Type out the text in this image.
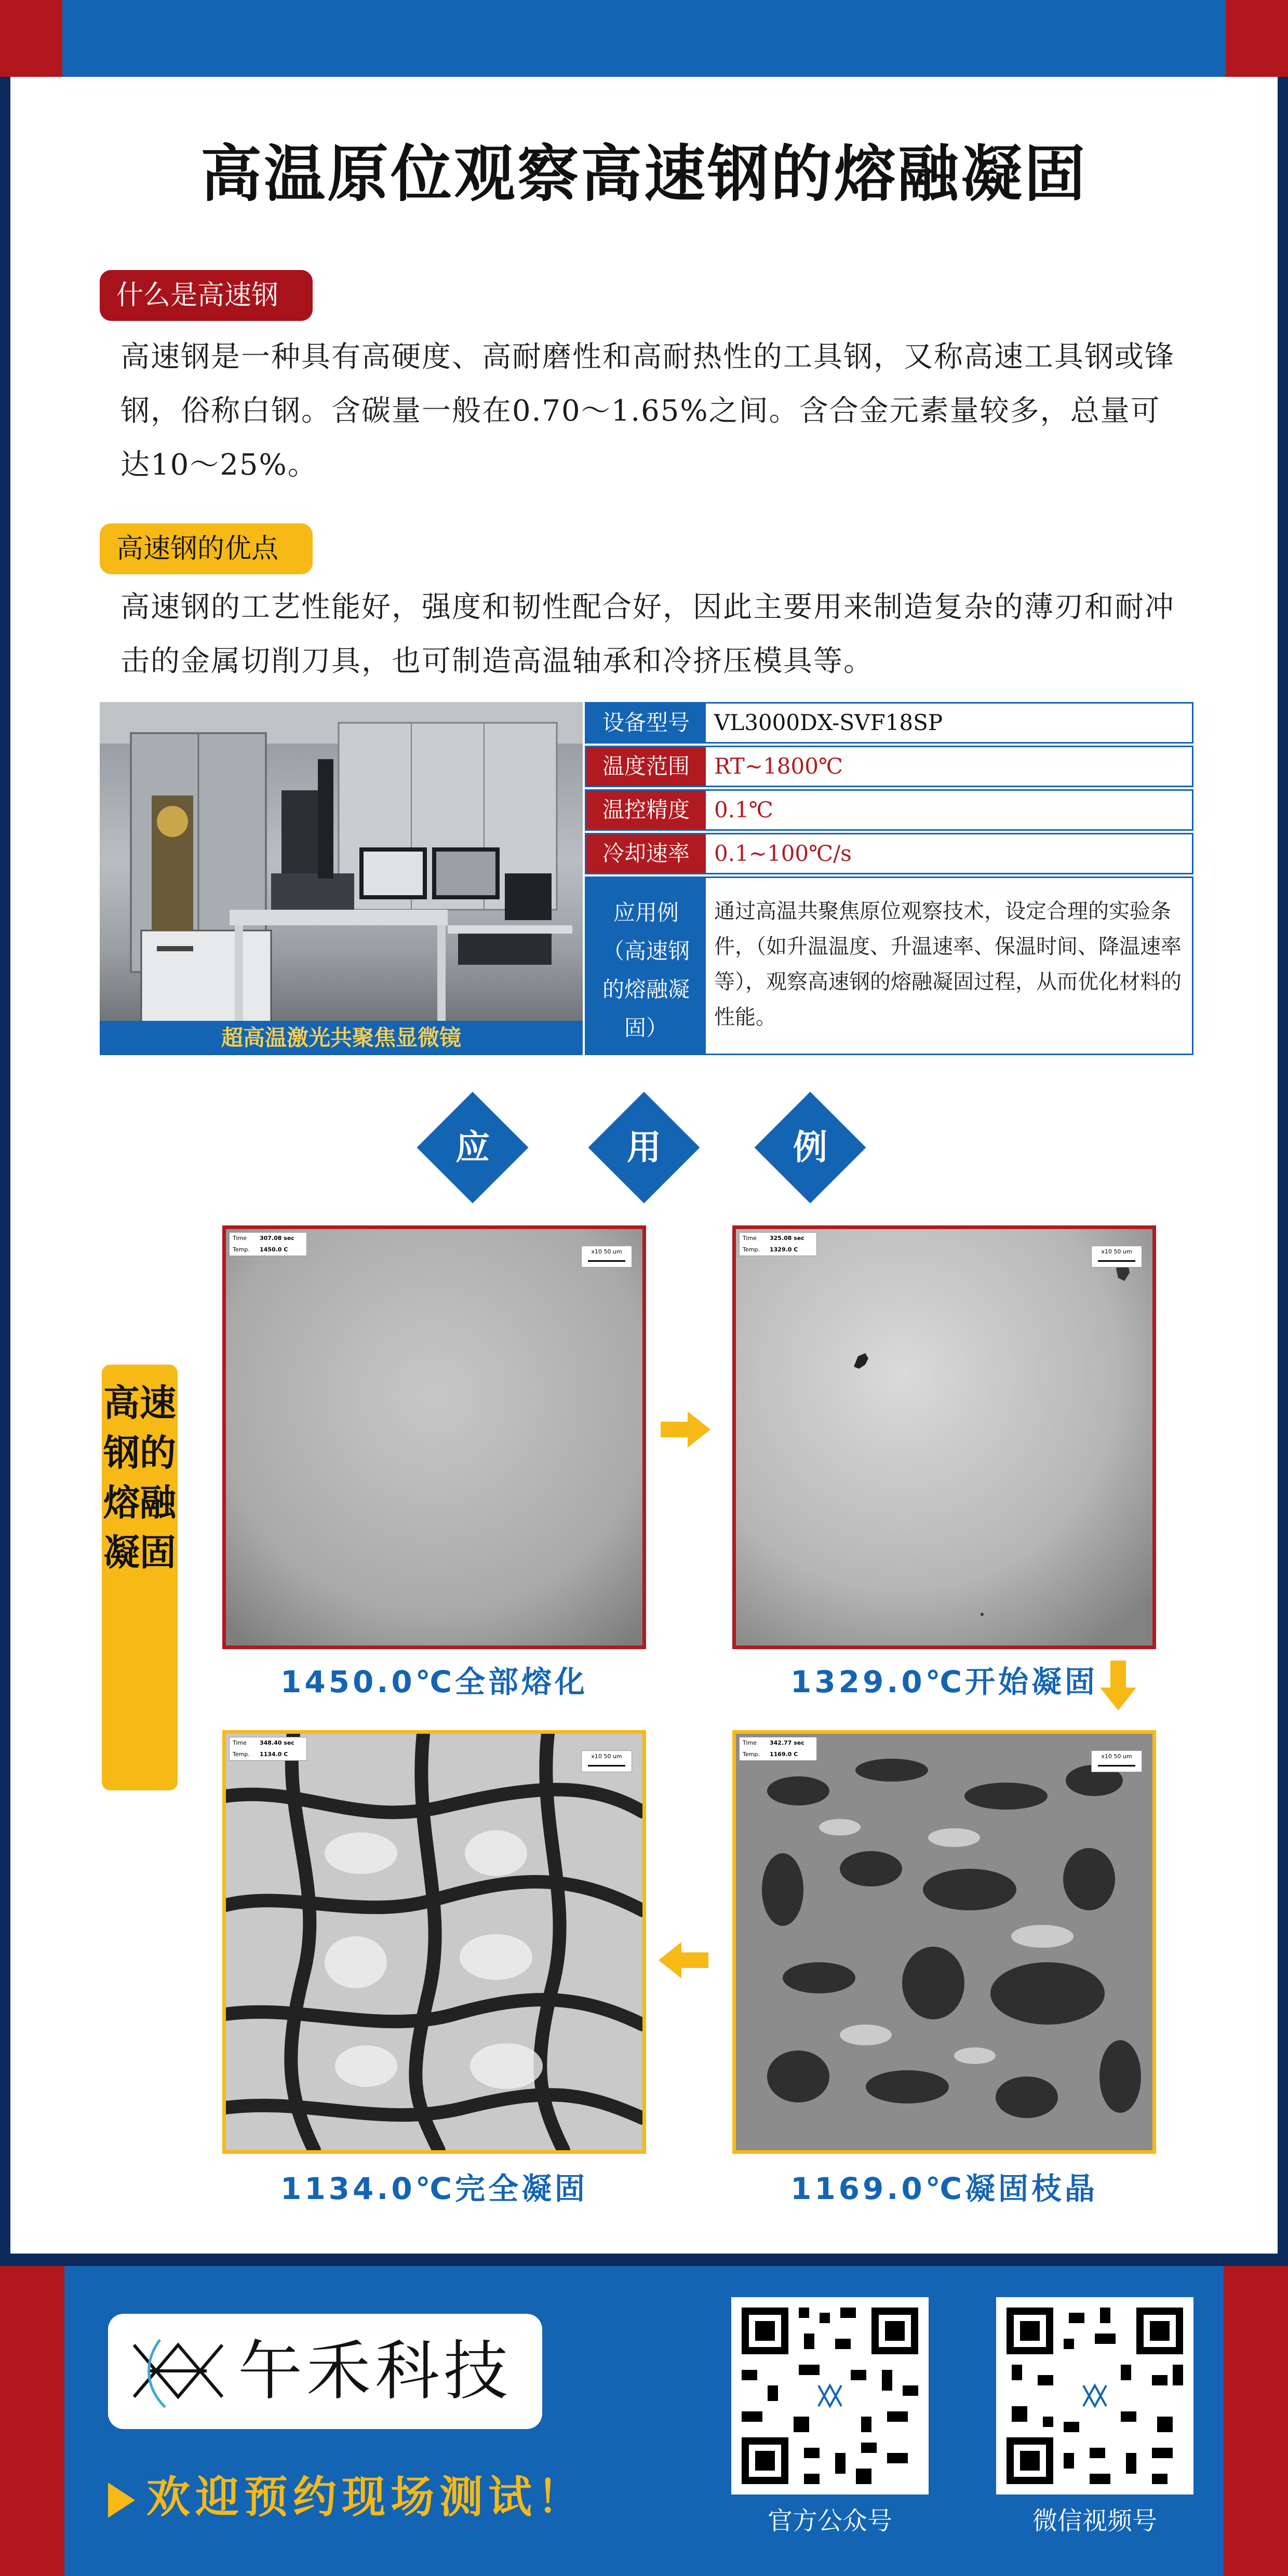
高温原位观察高速钢的熔融凝固
什么是高速钢
高速钢是一种具有高硬度、高耐磨性和高耐热性的工具钢，又称高速工具钢或锋钢，俗称白钢。含碳量一般在0.70～1.65%之间。含合金元素量较多，总量可达10～25%。
高速钢的优点
高速钢的工艺性能好，强度和韧性配合好，因此主要用来制造复杂的薄刃和耐冲击的金属切削刀具，也可制造高温轴承和冷挤压模具等。
超高温激光共聚焦显微镜
设备型号	VL3000DX-SVF18SP
温度范围	RT~1800℃
温控精度	0.1℃
冷却速率	0.1~100℃/s
应用例（高速钢的熔融凝固）
通过高温共聚焦原位观察技术，设定合理的实验条件，（如升温温度、升温速率、保温时间、降温速率等），观察高速钢的熔融凝固过程，从而优化材料的性能。
应	用	例
高速钢的熔融凝固
Time 307.08 sec
Temp. 1450.0 C	x10 50 um
1450.0℃全部熔化
Time 325.08 sec
Temp. 1329.0 C	x10 50 um
1329.0℃开始凝固
Time 342.77 sec
Temp. 1169.0 C	x10 50 um
1169.0℃凝固枝晶
Time 348.40 sec
Temp. 1134.0 C	x10 50 um
1134.0℃完全凝固
午禾科技
欢迎预约现场测试！	官方公众号	微信视频号
